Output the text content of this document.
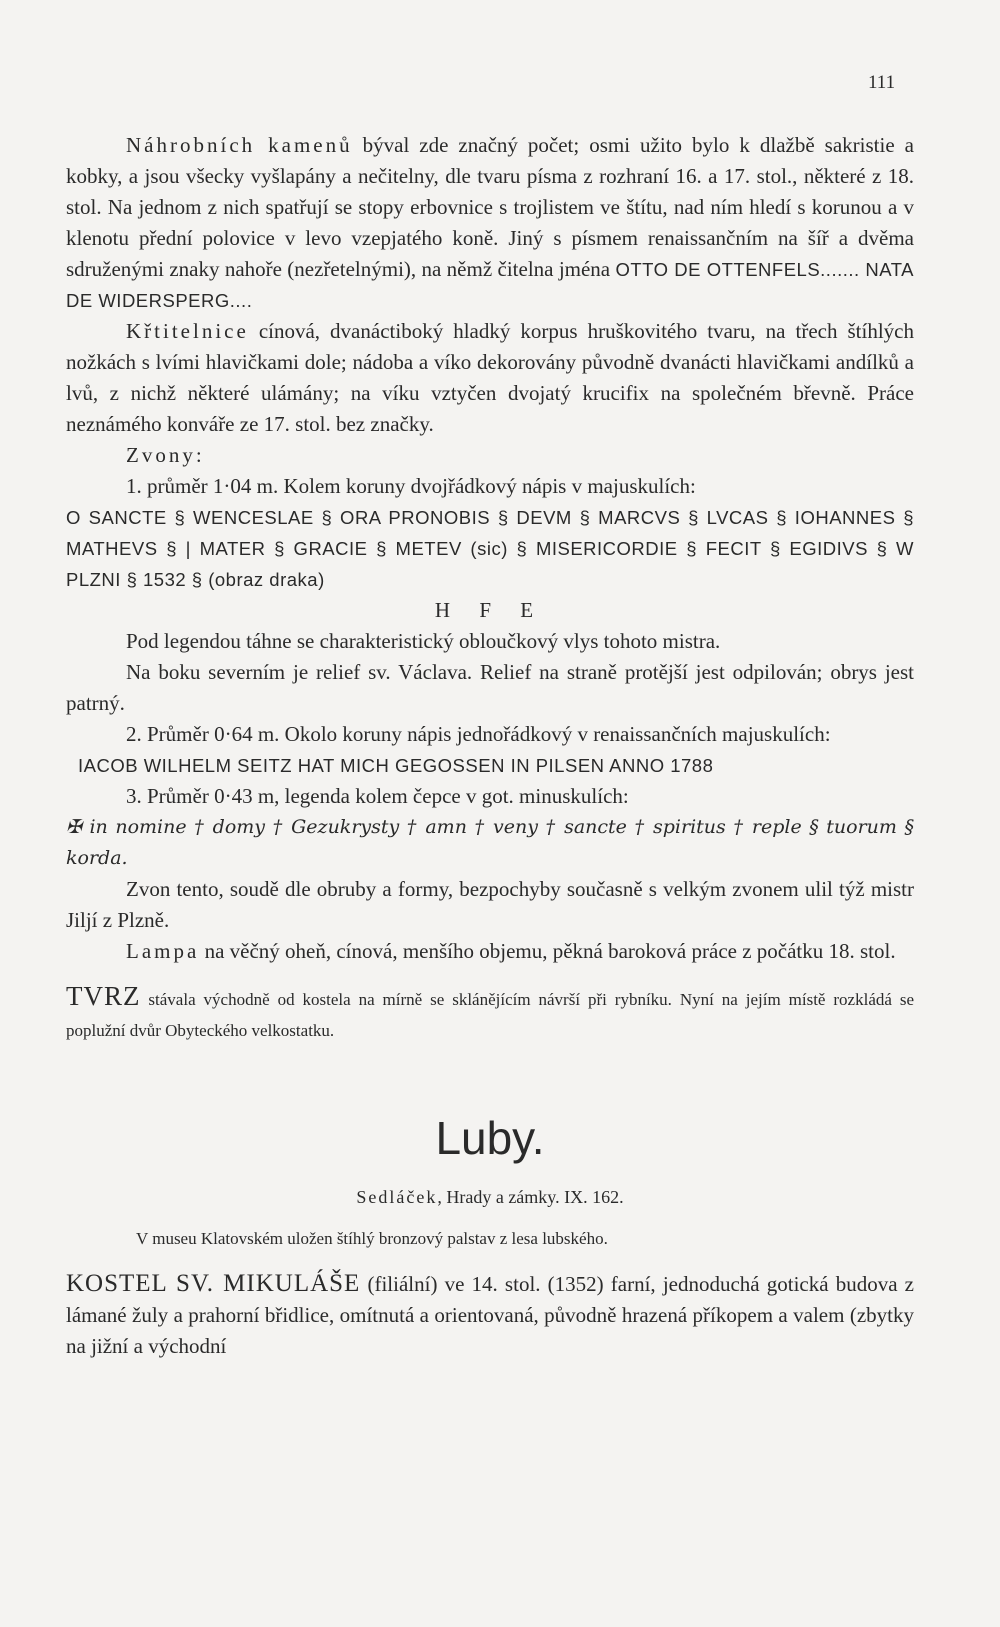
111

Náhrobních kamenů býval zde značný počet; osmi užito bylo k dlažbě sakristie a kobky, a jsou všecky vyšlapány a nečitelny, dle tvaru písma z rozhraní 16. a 17. stol., některé z 18. stol. Na jednom z nich spatřují se stopy erbovnice s trojlistem ve štítu, nad ním hledí s korunou a v klenotu přední polovice v levo vzepjatého koně. Jiný s písmem renaissančním na šíř a dvěma sdruženými znaky nahoře (nezřetelnými), na němž čitelna jména OTTO DE OTTENFELS....... NATA DE WIDERSPERG....

Křtitelnice cínová, dvanáctiboký hladký korpus hruškovitého tvaru, na třech štíhlých nožkách s lvími hlavičkami dole; nádoba a víko dekorovány původně dvanácti hlavičkami andílků a lvů, z nichž některé ulámány; na víku vztyčen dvojatý krucifix na společném břevně. Práce neznámého konváře ze 17. stol. bez značky.

Zvony:

1. průměr 1·04 m. Kolem koruny dvojřádkový nápis v majuskulích:

O SANCTE § WENCESLAE § ORA PRONOBIS § DEVM § MARCVS § LVCAS § IOHANNES § MATHEVS § | MATER § GRACIE § METEV (sic) § MISERICORDIE § FECIT § EGIDIVS § W PLZNI § 1532 § (obraz draka)

H F E

Pod legendou táhne se charakteristický obloučkový vlys tohoto mistra.

Na boku severním je relief sv. Václava. Relief na straně protější jest odpilován; obrys jest patrný.

2. Průměr 0·64 m. Okolo koruny nápis jednořádkový v renaissančních majuskulích:

IACOB WILHELM SEITZ HAT MICH GEGOSSEN IN PILSEN ANNO 1788

3. Průměr 0·43 m, legenda kolem čepce v got. minuskulích:

✠ in nomine † domy † Gezukrysty † amn † veny † sancte † spiritus † reple § tuorum § korda.

Zvon tento, soudě dle obruby a formy, bezpochyby současně s velkým zvonem ulil týž mistr Jiljí z Plzně.

Lampa na věčný oheň, cínová, menšího objemu, pěkná baroková práce z počátku 18. stol.

TVRZ stávala východně od kostela na mírně se sklánějícím návrší při rybníku. Nyní na jejím místě rozkládá se poplužní dvůr Obyteckého velkostatku.

Luby.

Sedláček, Hrady a zámky. IX. 162.

V museu Klatovském uložen štíhlý bronzový palstav z lesa lubského.

KOSTEL SV. MIKULÁŠE (filiální) ve 14. stol. (1352) farní, jednoduchá gotická budova z lámané žuly a prahorní břidlice, omítnutá a orientovaná, původně hrazená příkopem a valem (zbytky na jižní a východní
